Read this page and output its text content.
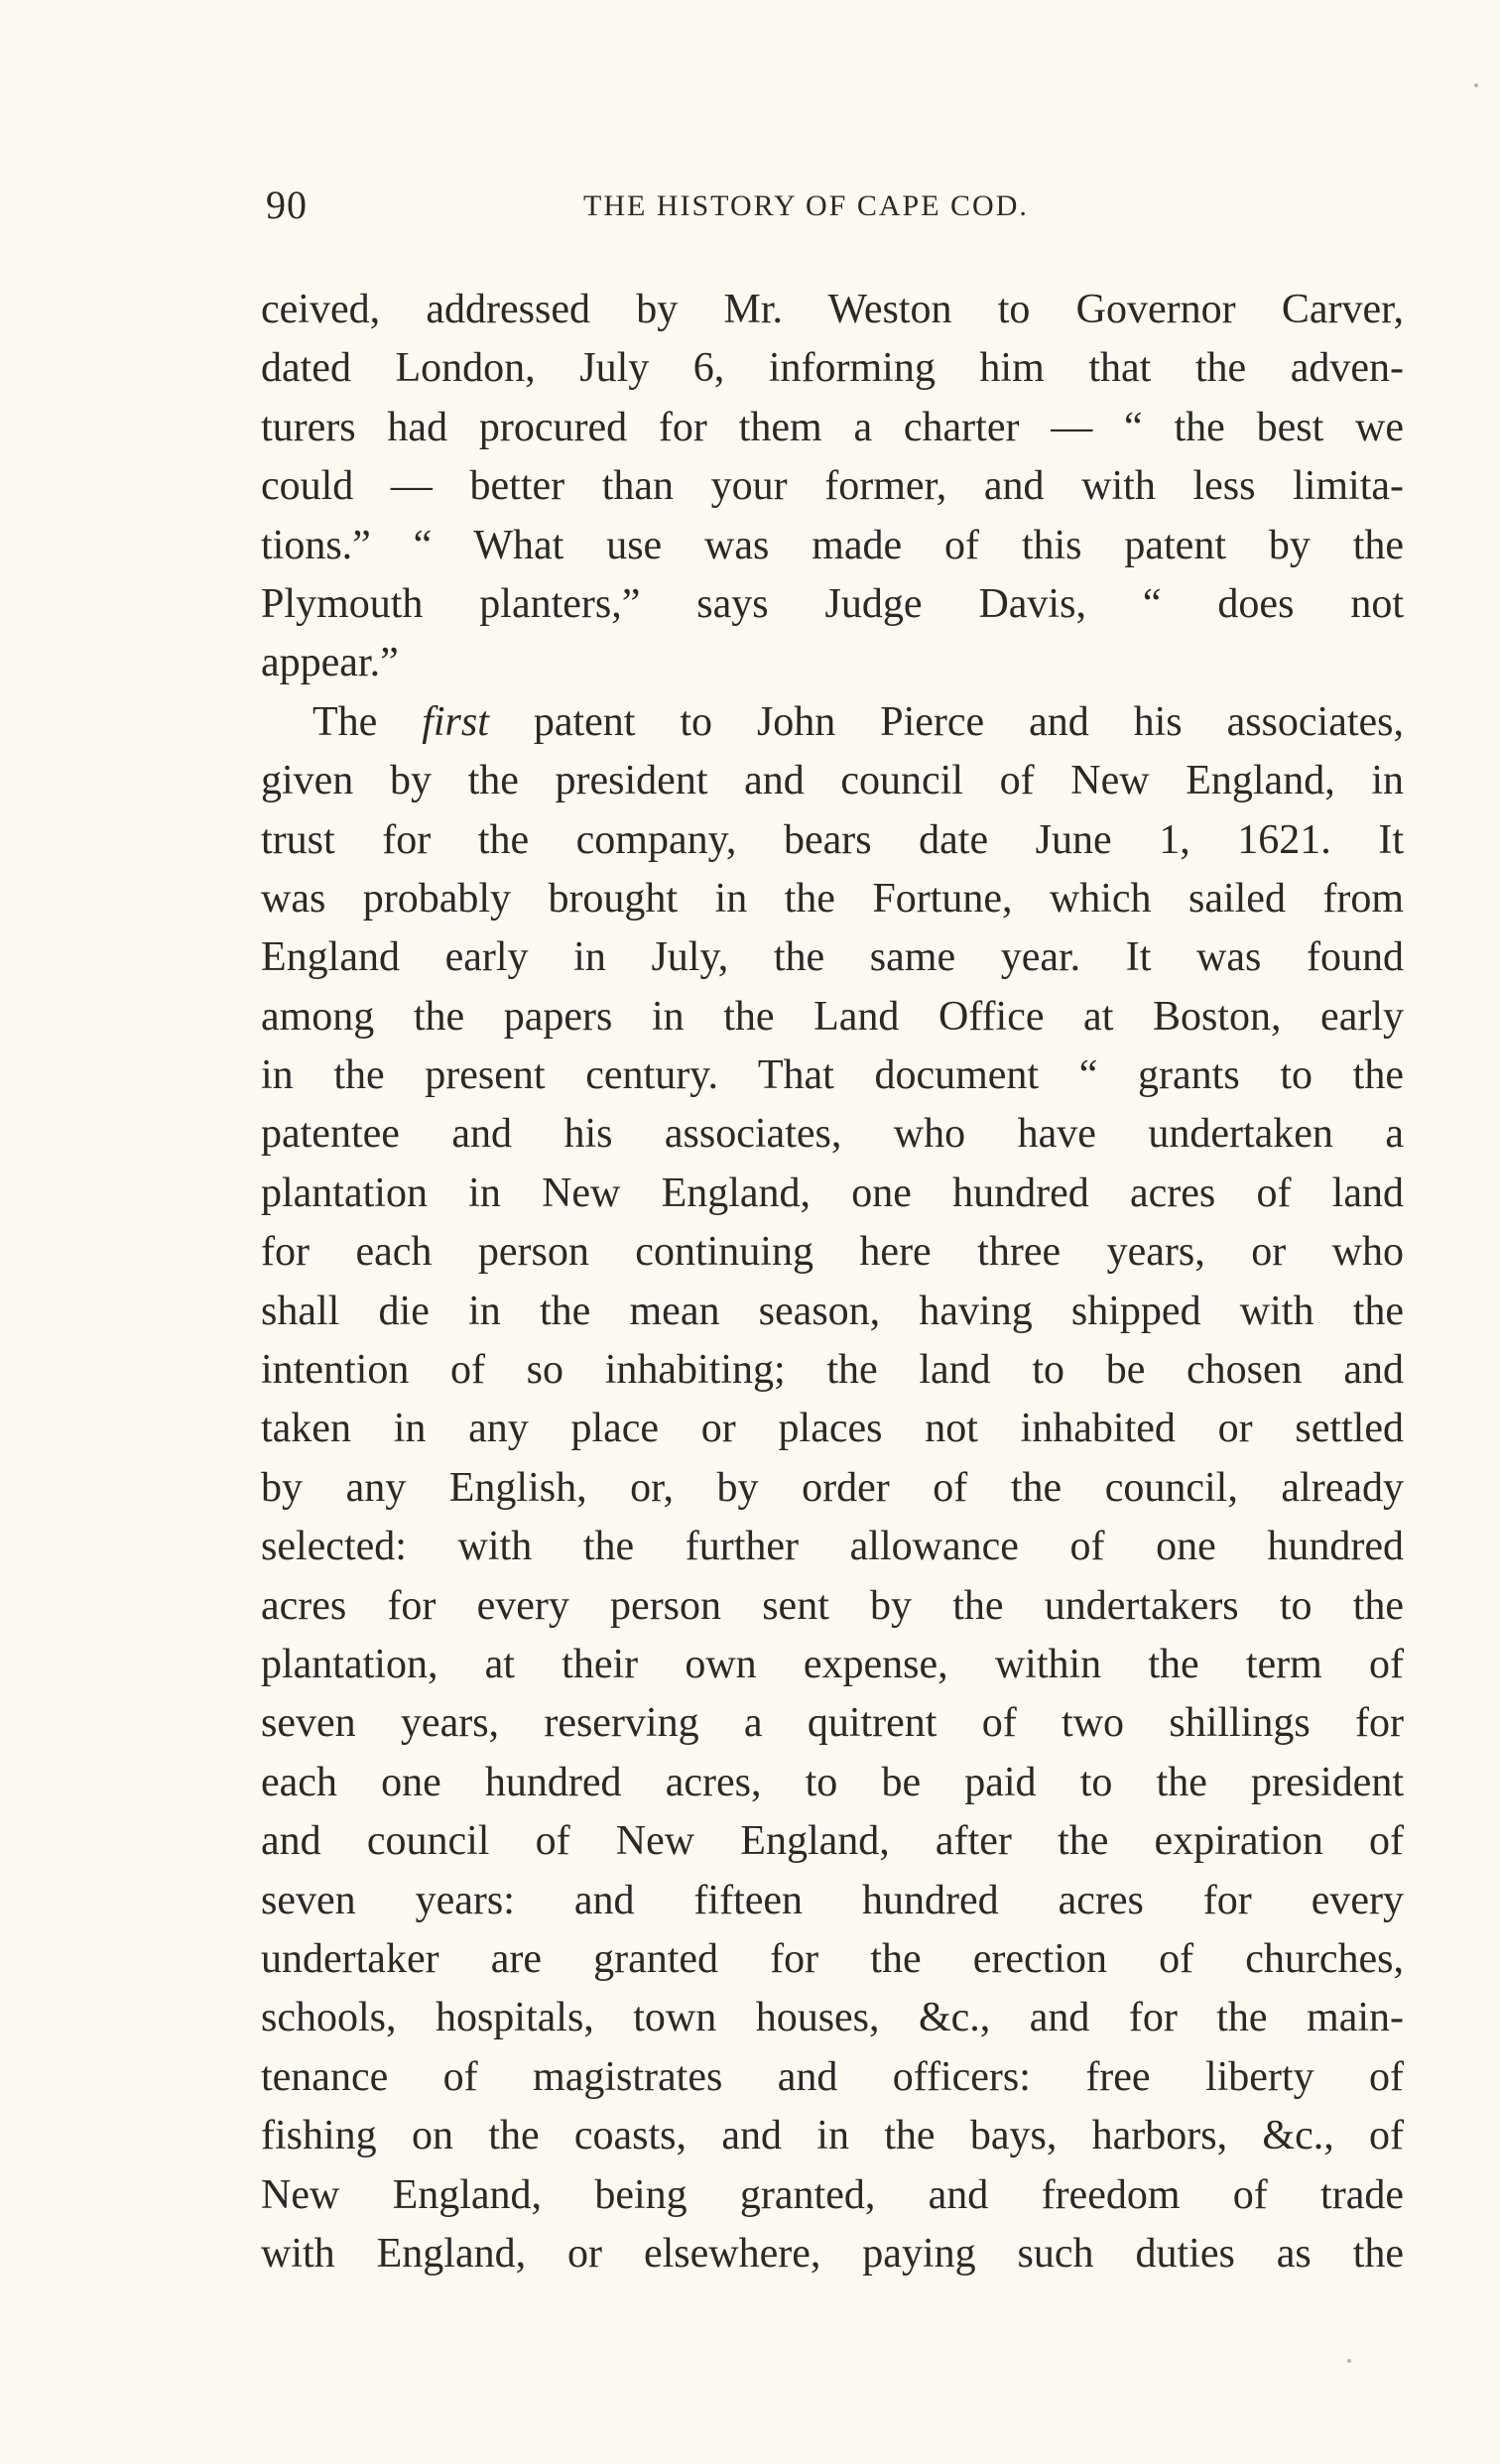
90	THE HISTORY OF CAPE COD.
ceived, addressed by Mr. Weston to Governor Carver,
dated London, July 6, informing him that the adven-
turers had procured for them a charter — “ the best we
could — better than your former, and with less limita-
tions.” “ What use was made of this patent by the
Plymouth planters,” says Judge Davis, “ does not
appear.”
The first patent to John Pierce and his associates,
given by the president and council of New England, in
trust for the company, bears date June 1, 1621. It
was probably brought in the Fortune, which sailed from
England early in July, the same year. It was found
among the papers in the Land Office at Boston, early
in the present century. That document “ grants to the
patentee and his associates, who have undertaken a
plantation in New England, one hundred acres of land
for each person continuing here three years, or who
shall die in the mean season, having shipped with the
intention of so inhabiting; the land to be chosen and
taken in any place or places not inhabited or settled
by any English, or, by order of the council, already
selected: with the further allowance of one hundred
acres for every person sent by the undertakers to the
plantation, at their own expense, within the term of
seven years, reserving a quitrent of two shillings for
each one hundred acres, to be paid to the president
and council of New England, after the expiration of
seven years: and fifteen hundred acres for every
undertaker are granted for the erection of churches,
schools, hospitals, town houses, &c., and for the main-
tenance of magistrates and officers: free liberty of
fishing on the coasts, and in the bays, harbors, &c., of
New England, being granted, and freedom of trade
with England, or elsewhere, paying such duties as the
